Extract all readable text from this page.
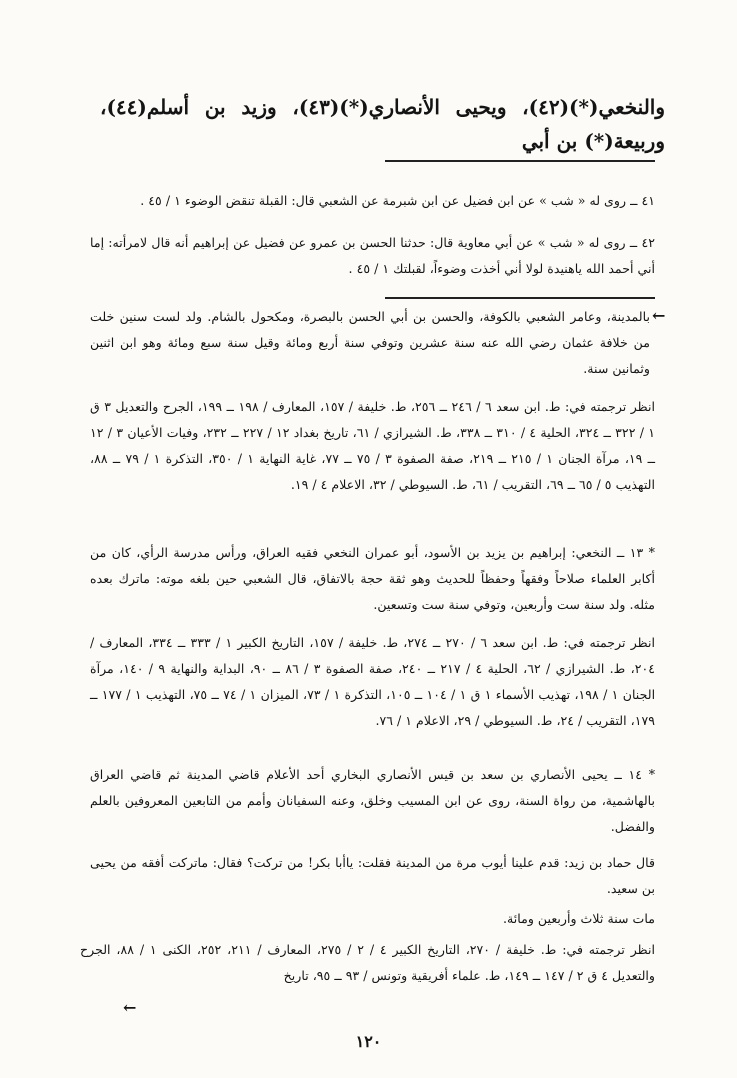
والنخعي(*)(٤٢)، ويحيى الأنصاري(*)(٤٣)، وزيد بن أسلم(٤٤)، وربيعة(*) بن أبي

٤١ ــ روى له « شب » عن ابن فضيل عن ابن شبرمة عن الشعبي قال: القبلة تنقض الوضوء ١ / ٤٥ .

٤٢ ــ روى له « شب » عن أبي معاوية قال: حدثنا الحسن بن عمرو عن فضيل عن إبراهيم أنه قال لامرأته: إما أني أحمد الله ياهنيدة لولا أني أخذت وضوءاً، لقبلتك ١ / ٤٥ .

←

بالمدينة، وعامر الشعبي بالكوفة، والحسن بن أبي الحسن بالبصرة، ومكحول بالشام. ولد لست سنين خلت من خلافة عثمان رضي الله عنه سنة عشرين وتوفي سنة أربع ومائة وقيل سنة سبع ومائة وهو ابن اثنين وثمانين سنة.

انظر ترجمته في: ط. ابن سعد ٦ / ٢٤٦ ــ ٢٥٦، ط. خليفة / ١٥٧، المعارف / ١٩٨ ــ ١٩٩، الجرح والتعديل ٣ ق ١ / ٣٢٢ ــ ٣٢٤، الحلية ٤ / ٣١٠ ــ ٣٣٨، ط. الشيرازي / ٦١، تاريخ بغداد ١٢ / ٢٢٧ ــ ٢٣٢، وفيات الأعيان ٣ / ١٢ ــ ١٩، مرآة الجنان ١ / ٢١٥ ــ ٢١٩، صفة الصفوة ٣ / ٧٥ ــ ٧٧، غاية النهاية ١ / ٣٥٠، التذكرة ١ / ٧٩ ــ ٨٨، التهذيب ٥ / ٦٥ ــ ٦٩، التقريب / ٦١، ط. السيوطي / ٣٢، الاعلام ٤ / ١٩.

* ١٣ ــ النخعي: إبراهيم بن يزيد بن الأسود، أبو عمران النخعي فقيه العراق، ورأس مدرسة الرأي، كان من أكابر العلماء صلاحاً وفقهاً وحفظاً للحديث وهو ثقة حجة بالاتفاق، قال الشعبي حين بلغه موته: ماترك بعده مثله. ولد سنة ست وأربعين، وتوفي سنة ست وتسعين.

انظر ترجمته في: ط. ابن سعد ٦ / ٢٧٠ ــ ٢٧٤، ط. خليفة / ١٥٧، التاريخ الكبير ١ / ٣٣٣ ــ ٣٣٤، المعارف / ٢٠٤، ط. الشيرازي / ٦٢، الحلية ٤ / ٢١٧ ــ ٢٤٠، صفة الصفوة ٣ / ٨٦ ــ ٩٠، البداية والنهاية ٩ / ١٤٠، مرآة الجنان ١ / ١٩٨، تهذيب الأسماء ١ ق ١ / ١٠٤ ــ ١٠٥، التذكرة ١ / ٧٣، الميزان ١ / ٧٤ ــ ٧٥، التهذيب ١ / ١٧٧ ــ ١٧٩، التقريب / ٢٤، ط. السيوطي / ٢٩، الاعلام ١ / ٧٦.

* ١٤ ــ يحيى الأنصاري بن سعد بن قيس الأنصاري البخاري أحد الأعلام قاضي المدينة ثم قاضي العراق بالهاشمية، من رواة السنة، روى عن ابن المسيب وخلق، وعنه السفيانان وأمم من التابعين المعروفين بالعلم والفضل.

قال حماد بن زيد: قدم علينا أيوب مرة من المدينة فقلت: ياأبا بكر! من تركت؟ فقال: ماتركت أفقه من يحيى بن سعيد.

مات سنة ثلاث وأربعين ومائة.

انظر ترجمته في: ط. خليفة / ٢٧٠، التاريخ الكبير ٤ / ٢ / ٢٧٥، المعارف / ٢١١، ٢٥٢، الكنى ١ / ٨٨، الجرح والتعديل ٤ ق ٢ / ١٤٧ ــ ١٤٩، ط. علماء أفريقية وتونس / ٩٣ ــ ٩٥، تاريخ

←
١٢٠
